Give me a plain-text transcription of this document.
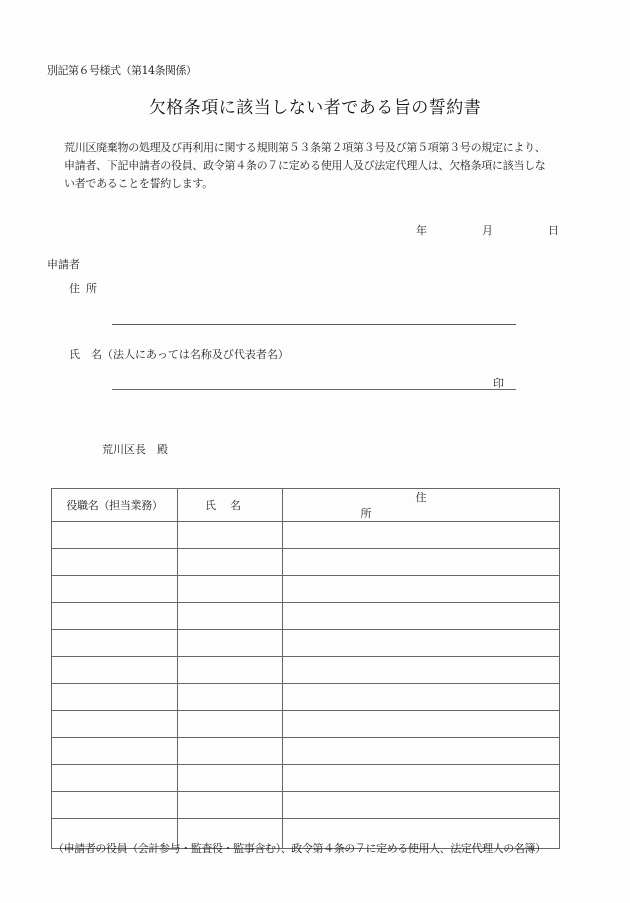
別記第６号様式（第14条関係）
欠格条項に該当しない者である旨の誓約書

荒川区廃棄物の処理及び再利用に関する規則第５３条第２項第３号及び第５項第３号の規定により、

申請者、下記申請者の役員、政令第４条の７に定める使用人及び法定代理人は、欠格条項に該当しな

い者であることを誓約します。

年	月	日
申請者
住所
氏　名（法人にあっては名称及び代表者名）
印
荒川区長　殿
役職名（担当業務）	氏名	住所

（申請者の役員（会計参与・監査役・監事含む）、政令第４条の７に定める使用人、法定代理人の名簿）
